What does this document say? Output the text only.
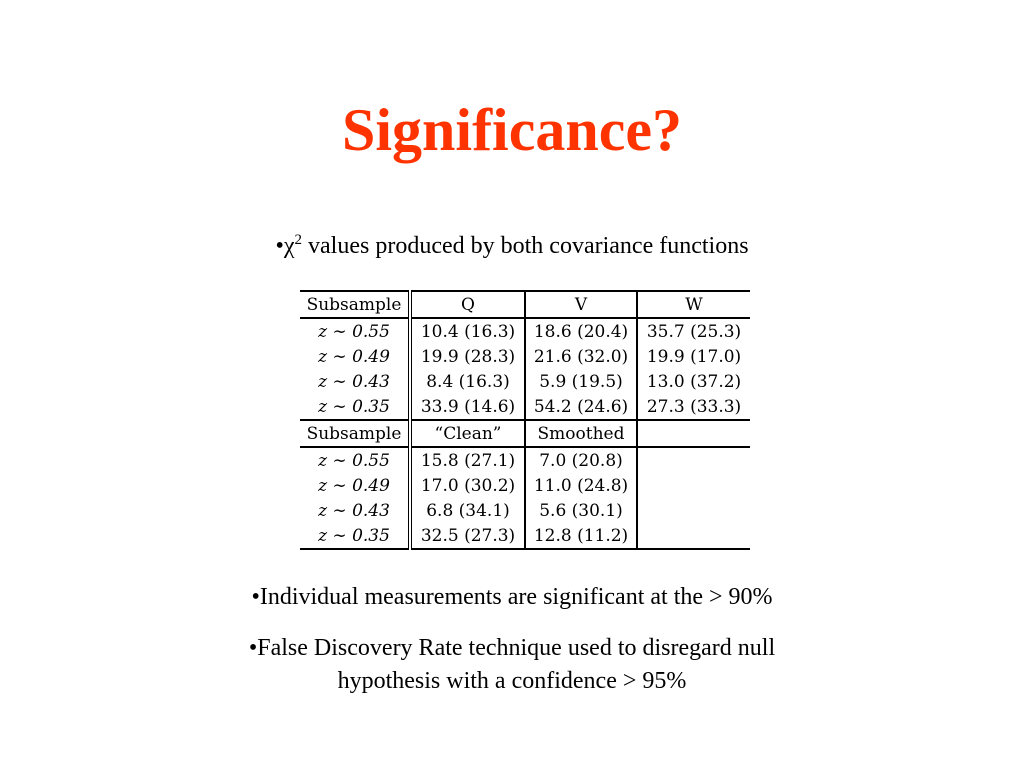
Significance?
$•\chi^2$ values produced by both covariance functions
Subsample	Q	V	W
z ∼ 0.55	10.4 (16.3)	18.6 (20.4)	35.7 (25.3)
z ∼ 0.49	19.9 (28.3)	21.6 (32.0)	19.9 (17.0)
z ∼ 0.43	8.4 (16.3)	5.9 (19.5)	13.0 (37.2)
z ∼ 0.35	33.9 (14.6)	54.2 (24.6)	27.3 (33.3)
Subsample	“Clean”	Smoothed	
z ∼ 0.55	15.8 (27.1)	7.0 (20.8)	
z ∼ 0.49	17.0 (30.2)	11.0 (24.8)	
z ∼ 0.43	6.8 (34.1)	5.6 (30.1)	
z ∼ 0.35	32.5 (27.3)	12.8 (11.2)	
•Individual measurements are significant at the > 90%
•False Discovery Rate technique used to disregard null
hypothesis with a confidence > 95%
